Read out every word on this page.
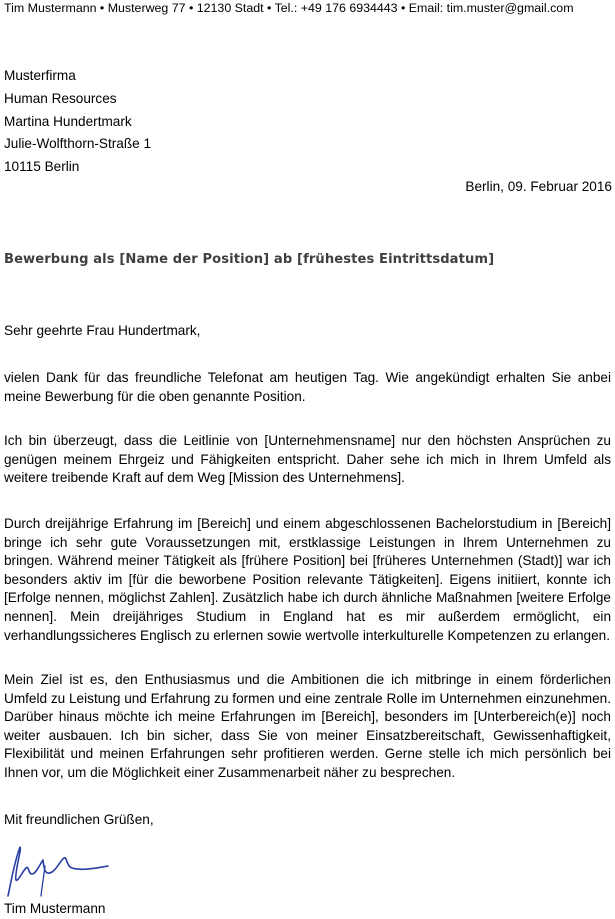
Tim Mustermann • Musterweg 77 • 12130 Stadt • Tel.: +49 176 6934443 • Email: tim.muster@gmail.com
Musterfirma
Human Resources
Martina Hundertmark
Julie-Wolfthorn-Straße 1
10115 Berlin
Berlin, 09. Februar 2016
Bewerbung als [Name der Position] ab [frühestes Eintrittsdatum]
Sehr geehrte Frau Hundertmark,
vielen Dank für das freundliche Telefonat am heutigen Tag. Wie angekündigt erhalten Sie anbei meine Bewerbung für die oben genannte Position.
Ich bin überzeugt, dass die Leitlinie von [Unternehmensname] nur den höchsten Ansprüchen zu genügen meinem Ehrgeiz und Fähigkeiten entspricht. Daher sehe ich mich in Ihrem Umfeld als weitere treibende Kraft auf dem Weg [Mission des Unternehmens].
Durch dreijährige Erfahrung im [Bereich] und einem abgeschlossenen Bachelorstudium in [Bereich] bringe ich sehr gute Voraussetzungen mit, erstklassige Leistungen in Ihrem Unternehmen zu bringen. Während meiner Tätigkeit als [frühere Position] bei [früheres Unternehmen (Stadt)] war ich besonders aktiv im [für die beworbene Position relevante Tätigkeiten]. Eigens initiiert, konnte ich [Erfolge nennen, möglichst Zahlen]. Zusätzlich habe ich durch ähnliche Maßnahmen [weitere Erfolge nennen]. Mein dreijähriges Studium in England hat es mir außerdem ermöglicht, ein verhandlungssicheres Englisch zu erlernen sowie wertvolle interkulturelle Kompetenzen zu erlangen.
Mein Ziel ist es, den Enthusiasmus und die Ambitionen die ich mitbringe in einem förderlichen Umfeld zu Leistung und Erfahrung zu formen und eine zentrale Rolle im Unternehmen einzunehmen. Darüber hinaus möchte ich meine Erfahrungen im [Bereich], besonders im [Unterbereich(e)] noch weiter ausbauen. Ich bin sicher, dass Sie von meiner Einsatzbereitschaft, Gewissenhaftigkeit, Flexibilität und meinen Erfahrungen sehr profitieren werden. Gerne stelle ich mich persönlich bei Ihnen vor, um die Möglichkeit einer Zusammenarbeit näher zu besprechen.
Mit freundlichen Grüßen,
Tim Mustermann
